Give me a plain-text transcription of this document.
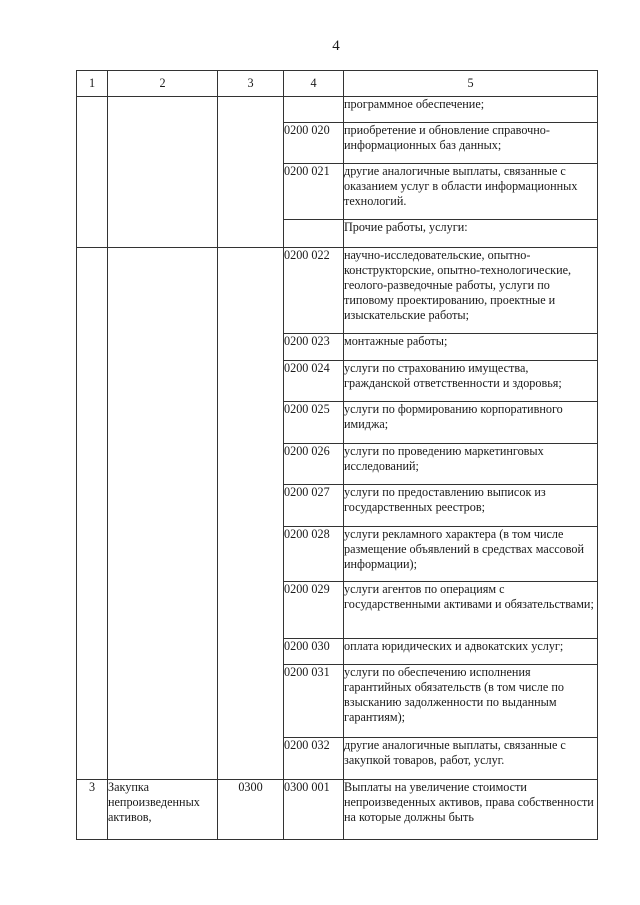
4
1	2	3	4	5
				программное обеспечение;
			0200 020	приобретение и обновление справочно-информационных баз данных;
			0200 021	другие аналогичные выплаты, связанные с оказанием услуг в области информационных технологий.
				Прочие работы, услуги:
			0200 022	научно-исследовательские, опытно-конструкторские, опытно-технологические, геолого-разведочные работы, услуги по типовому проектированию, проектные и изыскательские работы;
			0200 023	монтажные работы;
			0200 024	услуги по страхованию имущества, гражданской ответственности и здоровья;
			0200 025	услуги по формированию корпоративного имиджа;
			0200 026	услуги по проведению маркетинговых исследований;
			0200 027	услуги по предоставлению выписок из государственных реестров;
			0200 028	услуги рекламного характера (в том числе размещение объявлений в средствах массовой информации);
			0200 029	услуги агентов по операциям с государственными активами и обязательствами;
			0200 030	оплата юридических и адвокатских услуг;
			0200 031	услуги по обеспечению исполнения гарантийных обязательств (в том числе по взысканию задолженности по выданным гарантиям);
			0200 032	другие аналогичные выплаты, связанные с закупкой товаров, работ, услуг.
3	Закупка непроизведенных активов,	0300	0300 001	Выплаты на увеличение стоимости непроизведенных активов, права собственности на которые должны быть
